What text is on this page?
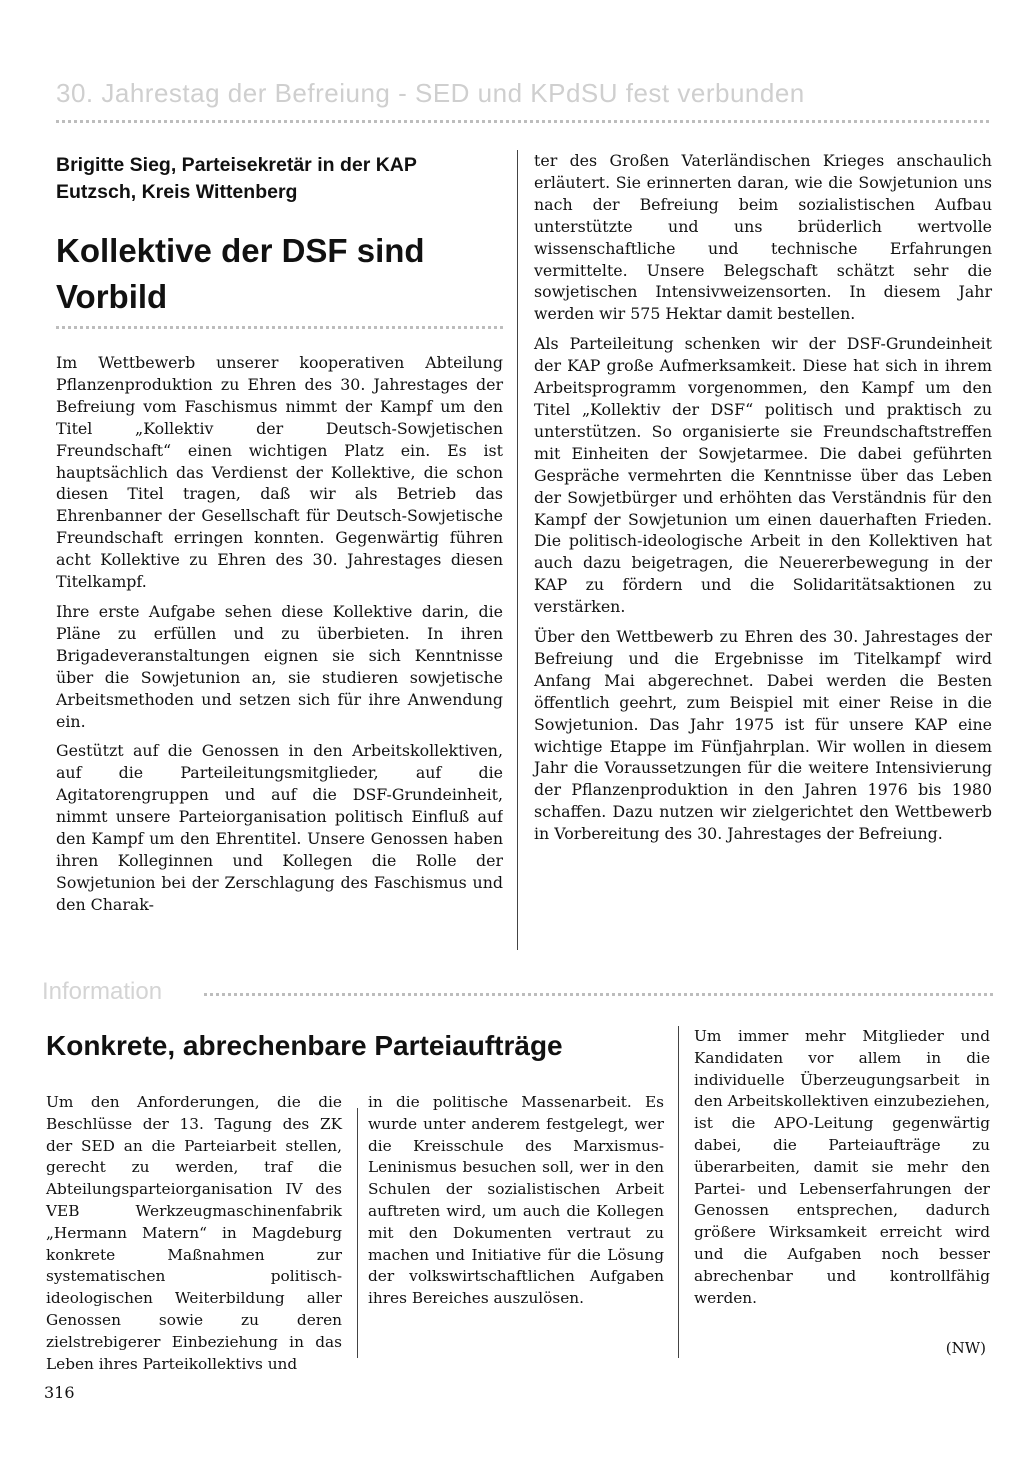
30. Jahrestag der Befreiung - SED und KPdSU fest verbunden
Brigitte Sieg, Parteisekretär in der KAP Eutzsch, Kreis Wittenberg
Kollektive der DSF sind Vorbild

Im Wettbewerb unserer kooperativen Abteilung Pflanzenproduktion zu Ehren des 30. Jahrestages der Befreiung vom Faschismus nimmt der Kampf um den Titel „Kollektiv der Deutsch-Sowjetischen Freundschaft“ einen wichtigen Platz ein. Es ist hauptsächlich das Verdienst der Kollektive, die schon diesen Titel tragen, daß wir als Betrieb das Ehrenbanner der Gesellschaft für Deutsch-Sowjetische Freundschaft erringen konnten. Gegenwärtig führen acht Kollektive zu Ehren des 30. Jahrestages diesen Titelkampf.

Ihre erste Aufgabe sehen diese Kollektive darin, die Pläne zu erfüllen und zu überbieten. In ihren Brigadeveranstaltungen eignen sie sich Kenntnisse über die Sowjetunion an, sie studieren sowjetische Arbeitsmethoden und setzen sich für ihre Anwendung ein.

Gestützt auf die Genossen in den Arbeitskollektiven, auf die Parteileitungsmitglieder, auf die Agitatorengruppen und auf die DSF-Grundeinheit, nimmt unsere Parteiorganisation politisch Einfluß auf den Kampf um den Ehrentitel. Unsere Genossen haben ihren Kolleginnen und Kollegen die Rolle der Sowjetunion bei der Zerschlagung des Faschismus und den Charak-

ter des Großen Vaterländischen Krieges anschaulich erläutert. Sie erinnerten daran, wie die Sowjetunion uns nach der Befreiung beim sozialistischen Aufbau unterstützte und uns brüderlich wertvolle wissenschaftliche und technische Erfahrungen vermittelte. Unsere Belegschaft schätzt sehr die sowjetischen Intensivweizensorten. In diesem Jahr werden wir 575 Hektar damit bestellen.

Als Parteileitung schenken wir der DSF-Grundeinheit der KAP große Aufmerksamkeit. Diese hat sich in ihrem Arbeitsprogramm vorgenommen, den Kampf um den Titel „Kollektiv der DSF“ politisch und praktisch zu unterstützen. So organisierte sie Freundschaftstreffen mit Einheiten der Sowjetarmee. Die dabei geführten Gespräche vermehrten die Kenntnisse über das Leben der Sowjetbürger und erhöhten das Verständnis für den Kampf der Sowjetunion um einen dauerhaften Frieden. Die politisch-ideologische Arbeit in den Kollektiven hat auch dazu beigetragen, die Neuererbewegung in der KAP zu fördern und die Solidaritätsaktionen zu verstärken.

Über den Wettbewerb zu Ehren des 30. Jahrestages der Befreiung und die Ergebnisse im Titelkampf wird Anfang Mai abgerechnet. Dabei werden die Besten öffentlich geehrt, zum Beispiel mit einer Reise in die Sowjetunion. Das Jahr 1975 ist für unsere KAP eine wichtige Etappe im Fünfjahrplan. Wir wollen in diesem Jahr die Voraussetzungen für die weitere Intensivierung der Pflanzenproduktion in den Jahren 1976 bis 1980 schaffen. Dazu nutzen wir zielgerichtet den Wettbewerb in Vorbereitung des 30. Jahrestages der Befreiung.

Information
Konkrete, abrechenbare Parteiaufträge

Um den Anforderungen, die die Beschlüsse der 13. Tagung des ZK der SED an die Parteiarbeit stellen, gerecht zu werden, traf die Abteilungsparteiorganisation IV des VEB Werkzeugmaschinenfabrik „Hermann Matern“ in Magdeburg konkrete Maßnahmen zur systematischen politisch-ideologischen Weiterbildung aller Genossen sowie zu deren zielstrebigerer Einbeziehung in das Leben ihres Parteikollektivs und

in die politische Massenarbeit. Es wurde unter anderem festgelegt, wer die Kreisschule des Marxismus-Leninismus besuchen soll, wer in den Schulen der sozialistischen Arbeit auftreten wird, um auch die Kollegen mit den Dokumenten vertraut zu machen und Initiative für die Lösung der volkswirtschaftlichen Aufgaben ihres Bereiches auszulösen.

Um immer mehr Mitglieder und Kandidaten vor allem in die individuelle Überzeugungsarbeit in den Arbeitskollektiven einzubeziehen, ist die APO-Leitung gegenwärtig dabei, die Parteiaufträge zu überarbeiten, damit sie mehr den Partei- und Lebenserfahrungen der Genossen entsprechen, dadurch größere Wirksamkeit erreicht wird und die Aufgaben noch besser abrechenbar und kontrollfähig werden.

(NW)
316
